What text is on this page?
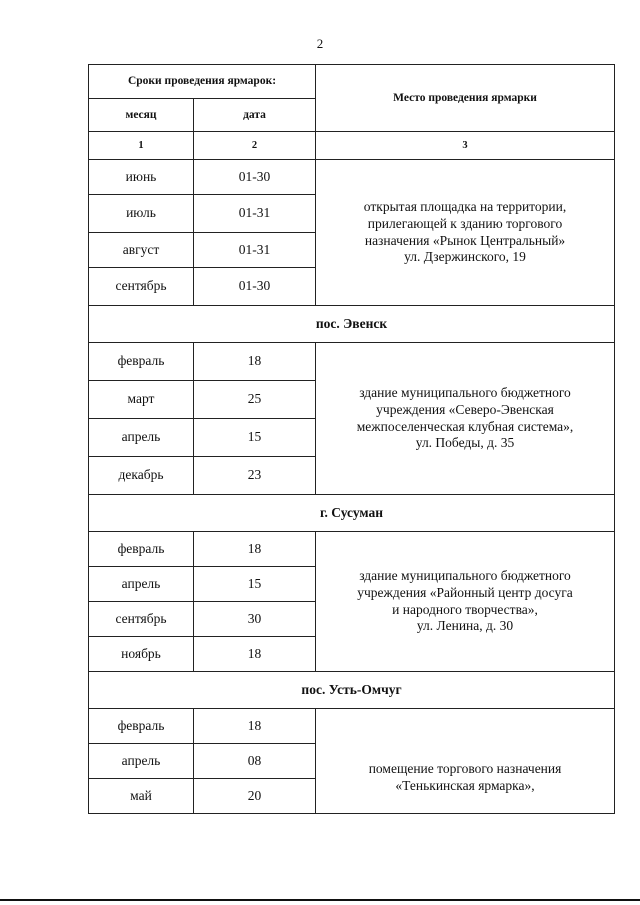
2
Сроки проведения ярмарок:		Место проведения ярмарки
месяц	дата	
1	2	3
июнь	01-30	открытая площадка на территории,
прилегающей к зданию торгового
назначения «Рынок Центральный»
ул. Дзержинского, 19

июль	01-31	
август	01-31	
сентябрь	01-30	
пос. Эвенск		
февраль	18	здание муниципального бюджетного
учреждения «Северо-Эвенская
межпоселенческая клубная система»,
ул. Победы, д. 35

март	25	
апрель	15	
декабрь	23	
г. Сусуман		
февраль	18	здание муниципального бюджетного
учреждения «Районный центр досуга
и народного творчества»,
ул. Ленина, д. 30

апрель	15	
сентябрь	30	
ноябрь	18	
пос. Усть-Омчуг		
февраль	18	помещение торгового назначения
«Тенькинская ярмарка»,

апрель	08	
май	20	
